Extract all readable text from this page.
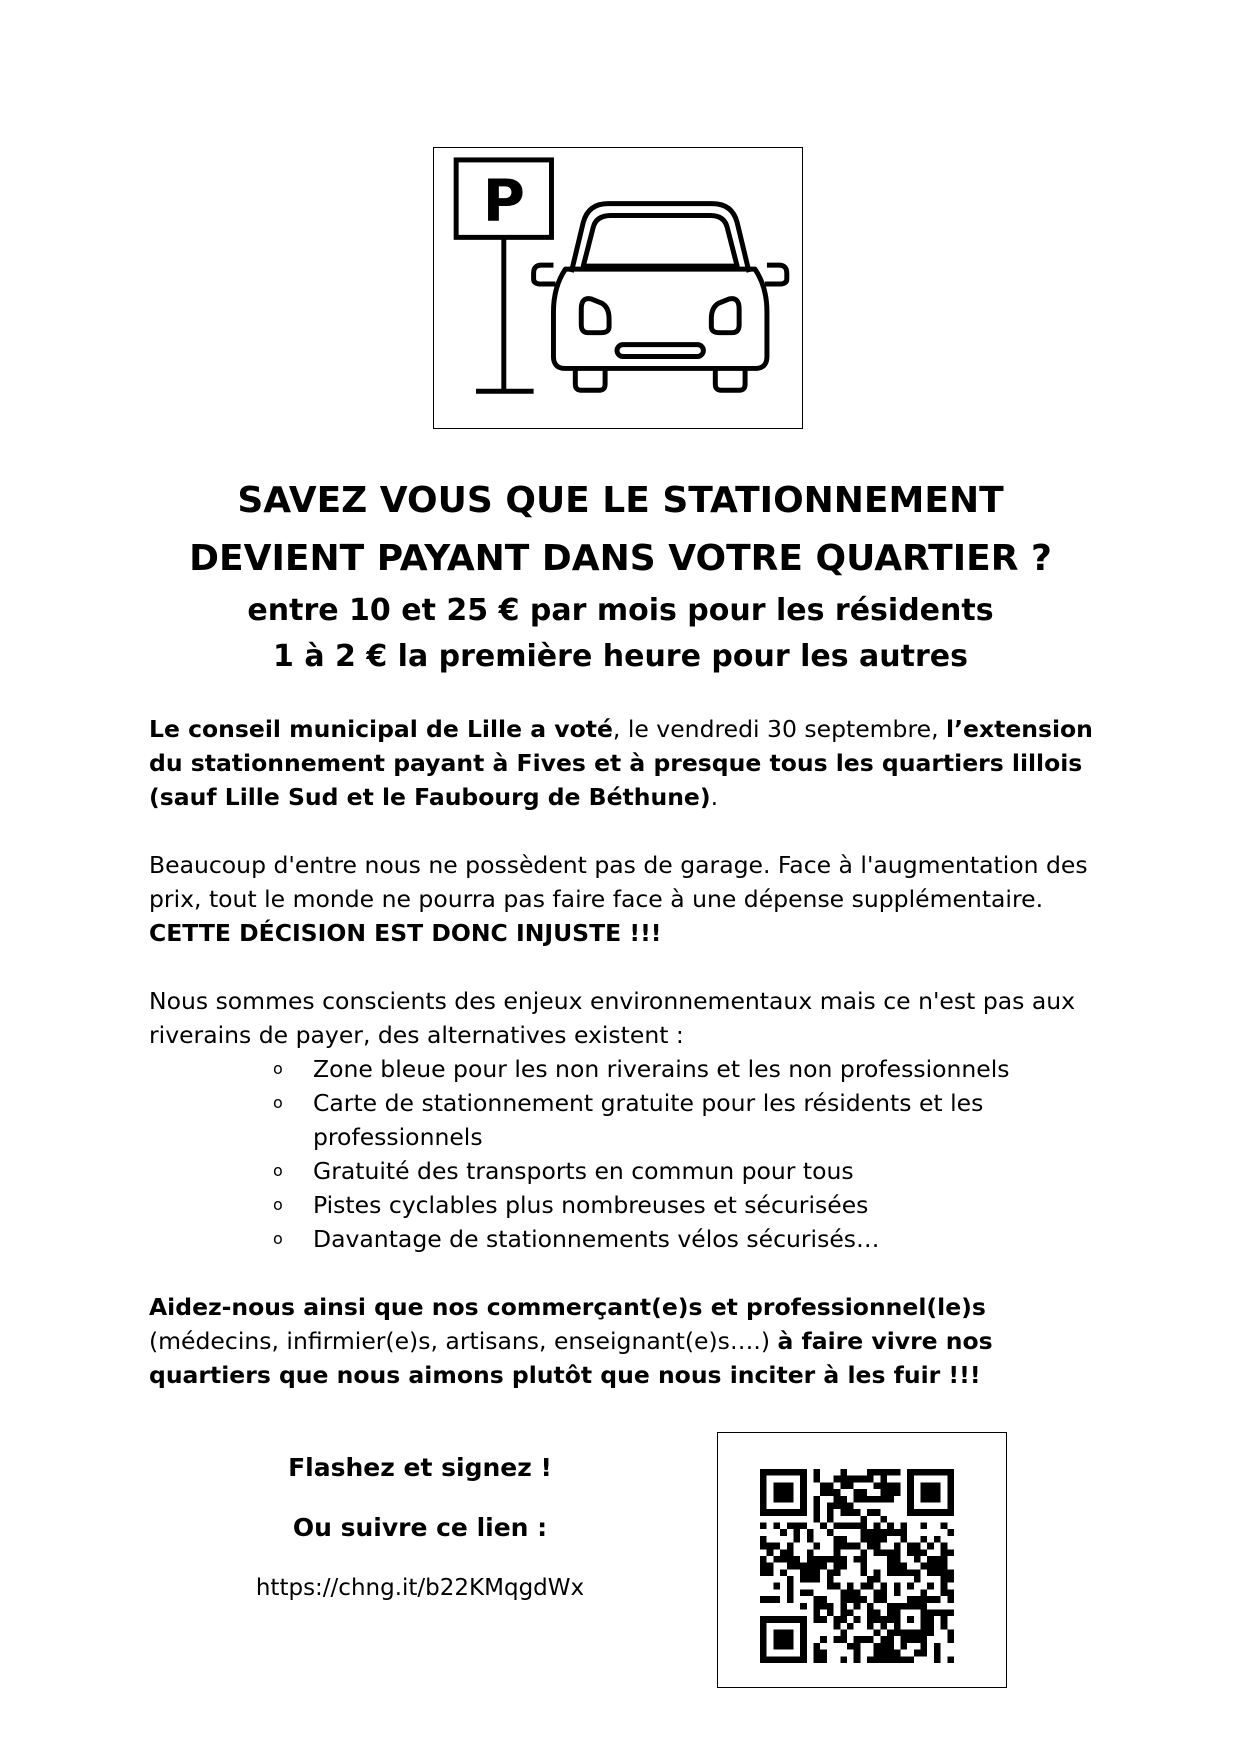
P

SAVEZ VOUS QUE LE STATIONNEMENT

DEVIENT PAYANT DANS VOTRE QUARTIER ?

entre 10 et 25 € par mois pour les résidents

1 à 2 € la première heure pour les autres

Le conseil municipal de Lille a voté, le vendredi 30 septembre, l’extension du stationnement payant à Fives et à presque tous les quartiers lillois (sauf Lille Sud et le Faubourg de Béthune).

Beaucoup d'entre nous ne possèdent pas de garage. Face à l'augmentation des prix, tout le monde ne pourra pas faire face à une dépense supplémentaire.
CETTE DÉCISION EST DONC INJUSTE !!!

Nous sommes conscients des enjeux environnementaux mais ce n'est pas aux riverains de payer, des alternatives existent :

o Zone bleue pour les non riverains et les non professionnels
o Carte de stationnement gratuite pour les résidents et les professionnels
o Gratuité des transports en commun pour tous
o Pistes cyclables plus nombreuses et sécurisées
o Davantage de stationnements vélos sécurisés…

Aidez-nous ainsi que nos commerçant(e)s et professionnel(le)s (médecins, infirmier(e)s, artisans, enseignant(e)s….) à faire vivre nos quartiers que nous aimons plutôt que nous inciter à les fuir !!!

Flashez et signez !
Ou suivre ce lien :
https://chng.it/b22KMqgdWx
